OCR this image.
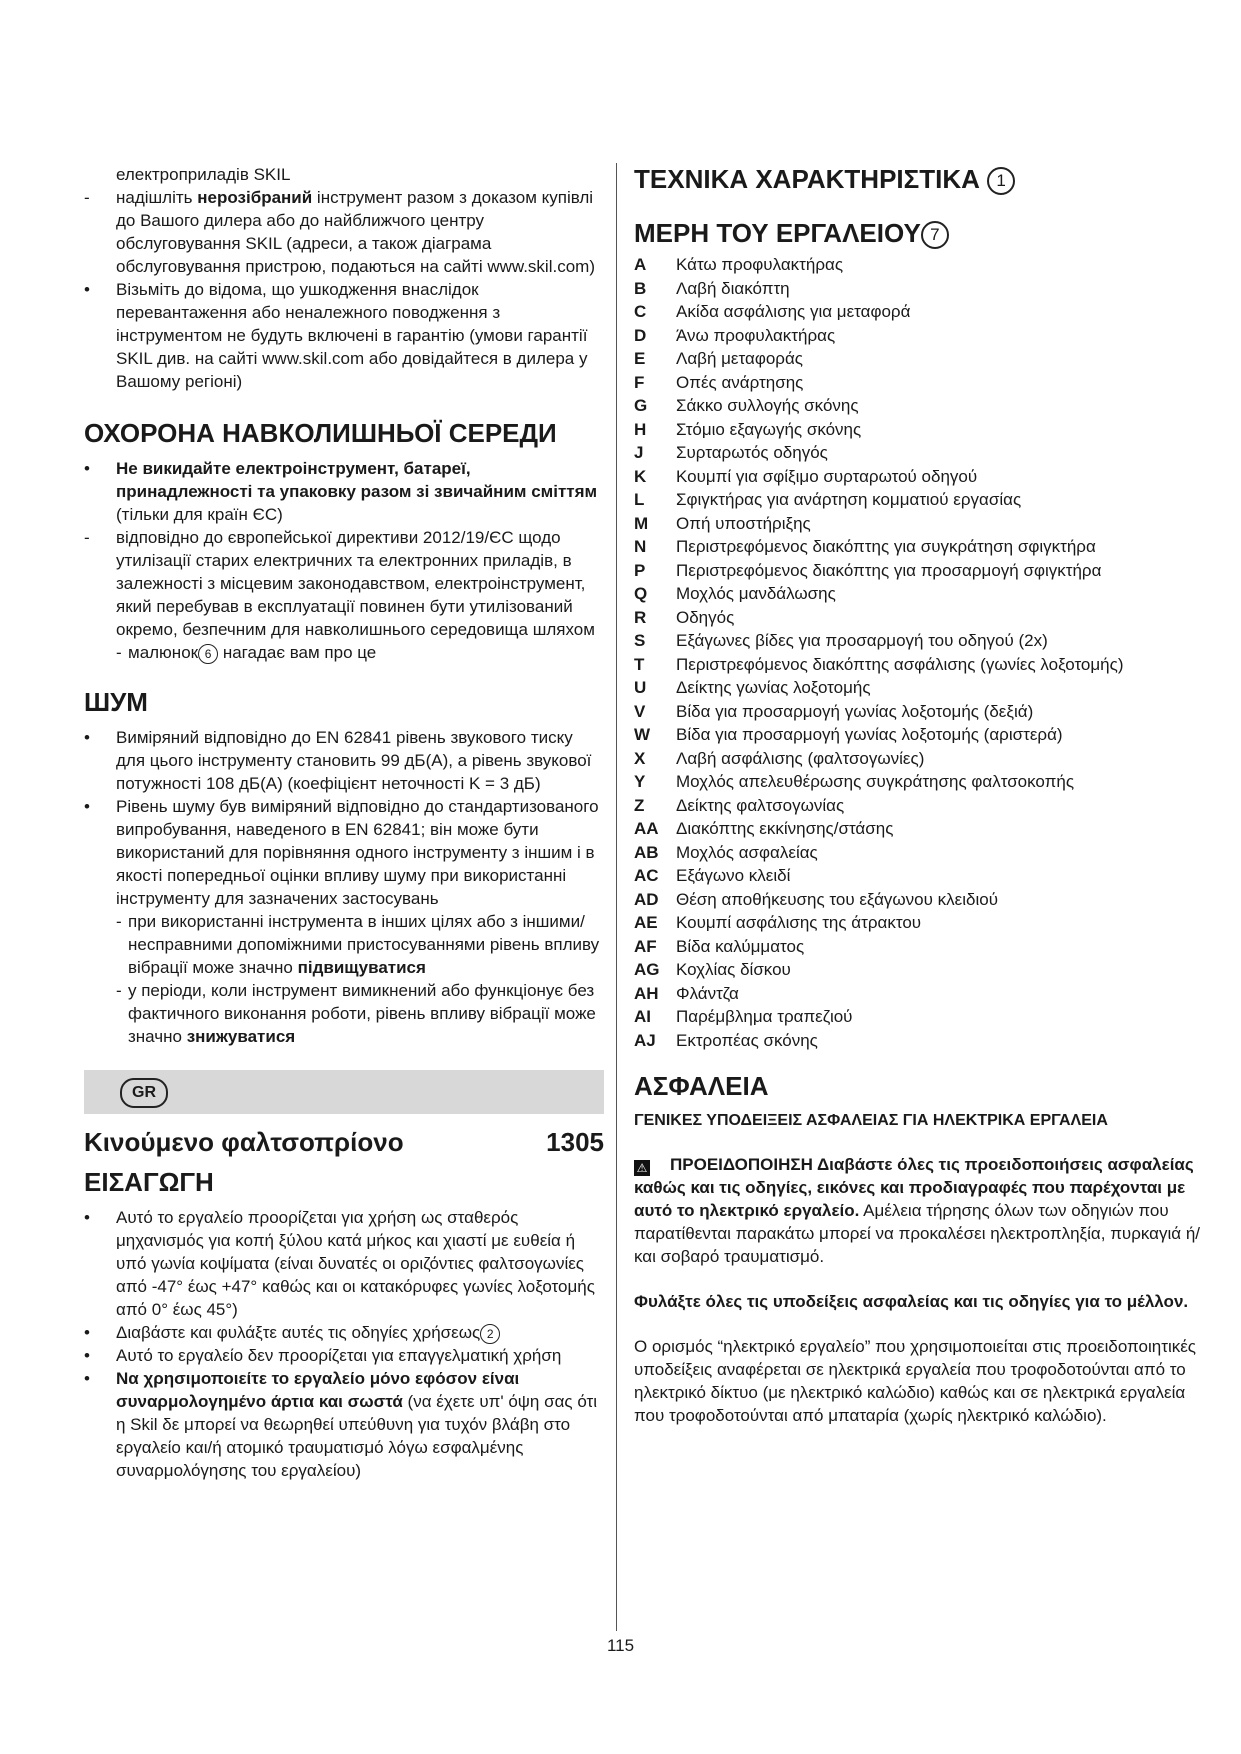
електроприладів SKIL

- надішліть нерозібраний інструмент разом з доказом купівлі до Вашого дилера або до найближчого центру обслуговування SKIL (адреси, а також діаграма обслуговування пристрою, подаються на сайті www.skil.com)

• Візьміть до відома, що ушкодження внаслідок перевантаження або неналежного поводження з інструментом не будуть включені в гарантію (умови гарантії SKIL див. на сайті www.skil.com або довідайтеся в дилера у Вашому регіоні)

ОХОРОНА НАВКОЛИШНЬОЇ СЕРЕДИ

• Не викидайте електроінструмент, батареї, принадлежності та упаковку разом зі звичайним сміттям (тільки для країн ЄС)

- відповідно до європейської директиви 2012/19/ЄС щодо утилізації старих електричних та електронних приладів, в залежності з місцевим законодавством, електроінструмент, який перебував в експлуатації повинен бути утилізований окремо, безпечним для навколишнього середовища шляхом

- малюнок 6 нагадає вам про це

ШУМ

• Виміряний відповідно до EN 62841 рівень звукового тиску для цього інструменту становить 99 дБ(A), a рівень звукової потужності 108 дБ(A) (коефіцієнт неточності K = 3 дБ)

• Рівень шуму був виміряний відповідно до стандартизованого випробування, наведеного в EN 62841; він може бути використаний для порівняння одного інструменту з іншим і в якості попередньої оцінки впливу шуму при використанні інструменту для зазначених застосувань

- при використанні інструмента в інших цілях або з іншими/несправними допоміжними пристосуваннями рівень впливу вібрації може значно підвищуватися

- у періоди, коли інструмент вимикнений або функціонує без фактичного виконання роботи, рівень впливу вібрації може значно знижуватися

GR
Κινούμενο φαλτσοπρίονο	1305
ΕΙΣΑΓΩΓΗ

• Αυτό το εργαλείο προορίζεται για χρήση ως σταθερός μηχανισμός για κοπή ξύλου κατά μήκος και χιαστί με ευθεία ή υπό γωνία κοψίματα (είναι δυνατές οι οριζόντιες φαλτσογωνίες από -47° έως +47° καθώς και οι κατακόρυφες γωνίες λοξοτομής από 0° έως 45°)

• Διαβάστε και φυλάξτε αυτές τις οδηγίες χρήσεως 2

• Αυτό το εργαλείο δεν προορίζεται για επαγγελματική χρήση

• Να χρησιμοποιείτε το εργαλείο μόνο εφόσον είναι συναρμολογημένο άρτια και σωστά (να έχετε υπ' όψη σας ότι η Skil δε μπορεί να θεωρηθεί υπεύθυνη για τυχόν βλάβη στο εργαλείο και/ή ατομικό τραυματισμό λόγω εσφαλμένης συναρμολόγησης του εργαλείου)

ΤΕΧΝΙΚΑ ΧΑΡΑΚΤΗΡΙΣΤΙΚΑ 1
ΜΕΡΗ ΤΟΥ ΕΡΓΑΛΕΙΟΥ 7
A	Κάτω προφυλακτήρας
B	Λαβή διακόπτη
C	Ακίδα ασφάλισης για μεταφορά
D	Άνω προφυλακτήρας
E	Λαβή μεταφοράς
F	Οπές ανάρτησης
G	Σάκκο συλλογής σκόνης
H	Στόμιο εξαγωγής σκόνης
J	Συρταρωτός οδηγός
K	Κουμπί για σφίξιμο συρταρωτού οδηγού
L	Σφιγκτήρας για ανάρτηση κομματιού εργασίας
M	Οπή υποστήριξης
N	Περιστρεφόμενος διακόπτης για συγκράτηση σφιγκτήρα
P	Περιστρεφόμενος διακόπτης για προσαρμογή σφιγκτήρα
Q	Μοχλός μανδάλωσης
R	Οδηγός
S	Εξάγωνες βίδες για προσαρμογή του οδηγού (2x)
T	Περιστρεφόμενος διακόπτης ασφάλισης (γωνίες λοξοτομής)
U	Δείκτης γωνίας λοξοτομής
V	Βίδα για προσαρμογή γωνίας λοξοτομής (δεξιά)
W	Βίδα για προσαρμογή γωνίας λοξοτομής (αριστερά)
X	Λαβή ασφάλισης (φαλτσογωνίες)
Y	Μοχλός απελευθέρωσης συγκράτησης φαλτσοκοπής
Z	Δείκτης φαλτσογωνίας
AA	Διακόπτης εκκίνησης/στάσης
AB	Μοχλός ασφαλείας
AC	Εξάγωνο κλειδί
AD	Θέση αποθήκευσης του εξάγωνου κλειδιού
AE	Κουμπί ασφάλισης της άτρακτου
AF	Βίδα καλύμματος
AG Κοχλίας δίσκου
AH	Φλάντζα
AI	Παρέμβλημα τραπεζιού
AJ	Εκτροπέας σκόνης
ΑΣΦΑΛΕΙΑ

ΓΕΝΙΚΕΣ ΥΠΟΔΕΙΞΕΙΣ ΑΣΦΑΛΕΙΑΣ ΓΙΑ ΗΛΕΚΤΡΙΚΑ ΕΡΓΑΛΕΙΑ

⚠ ΠΡΟΕΙΔΟΠΟΙΗΣΗ Διαβάστε όλες τις προειδοποιήσεις ασφαλείας καθώς και τις οδηγίες, εικόνες και προδιαγραφές που παρέχονται με αυτό το ηλεκτρικό εργαλείο. Αμέλεια τήρησης όλων των οδηγιών που παρατίθενται παρακάτω μπορεί να προκαλέσει ηλεκτροπληξία, πυρκαγιά ή/και σοβαρό τραυματισμό.

Φυλάξτε όλες τις υποδείξεις ασφαλείας και τις οδηγίες για το μέλλον.

Ο ορισμός “ηλεκτρικό εργαλείο” που χρησιμοποιείται στις προειδοποιητικές υποδείξεις αναφέρεται σε ηλεκτρικά εργαλεία που τροφοδοτούνται από το ηλεκτρικό δίκτυο (με ηλεκτρικό καλώδιο) καθώς και σε ηλεκτρικά εργαλεία που τροφοδοτούνται από μπαταρία (χωρίς ηλεκτρικό καλώδιο).

115
